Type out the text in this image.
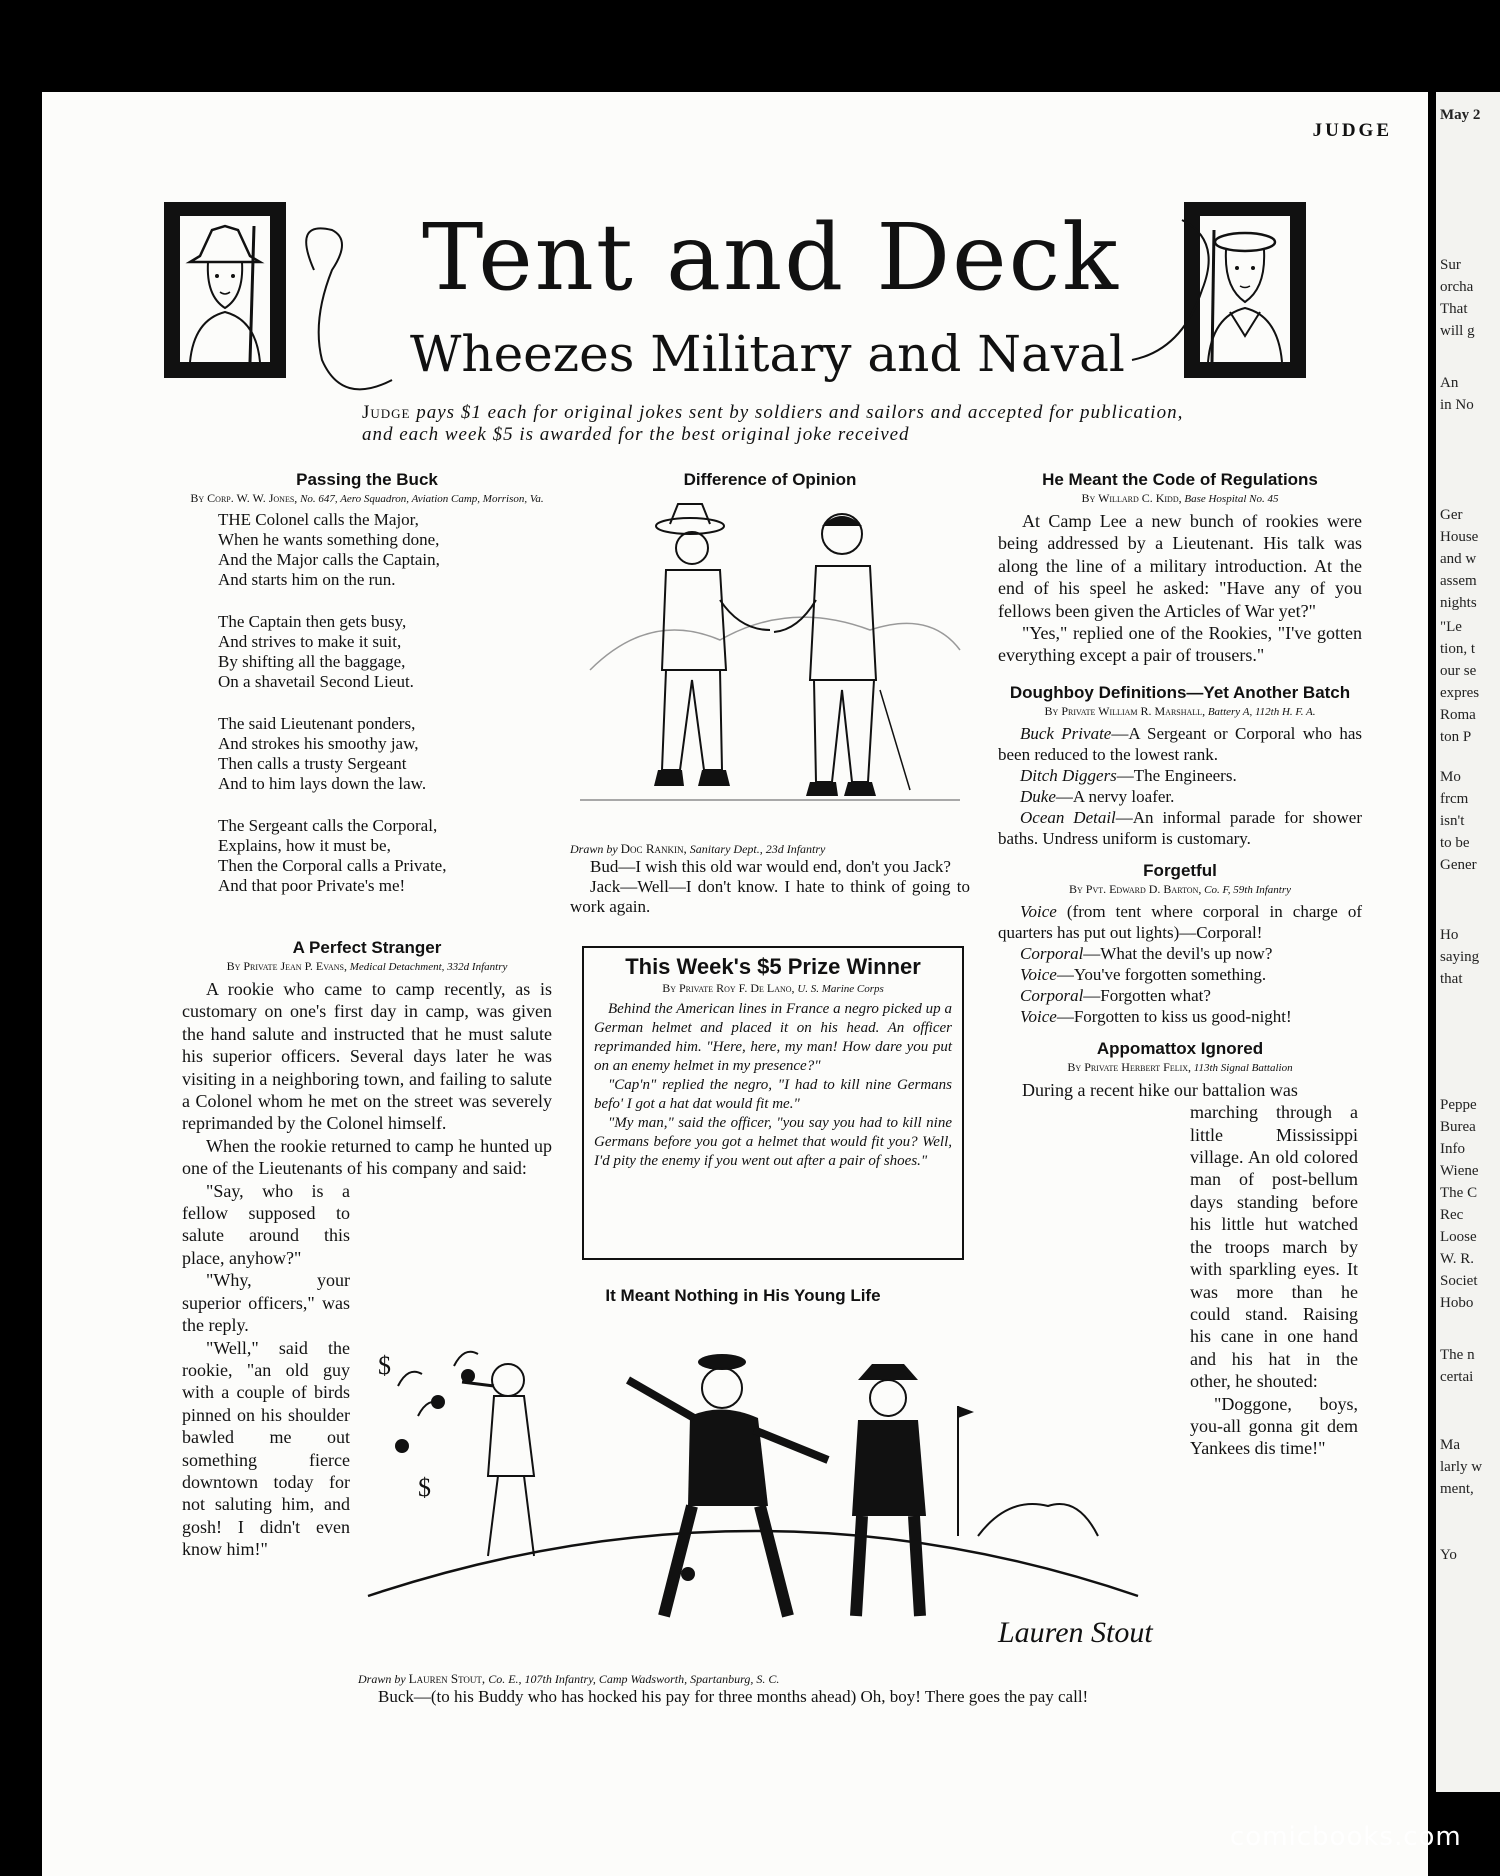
JUDGE
Tent and Deck
Wheezes Military and Naval
Judge pays $1 each for original jokes sent by soldiers and sailors and accepted for publication, and each week $5 is awarded for the best original joke received
Passing the Buck
By Corp. W. W. Jones, No. 647, Aero Squadron, Aviation Camp, Morrison, Va.

THE Colonel calls the Major,
When he wants something done,
And the Major calls the Captain,
And starts him on the run.

The Captain then gets busy,
And strives to make it suit,
By shifting all the baggage,
On a shavetail Second Lieut.

The said Lieutenant ponders,
And strokes his smoothy jaw,
Then calls a trusty Sergeant
And to him lays down the law.

The Sergeant calls the Corporal,
Explains, how it must be,
Then the Corporal calls a Private,
And that poor Private's me!

A Perfect Stranger
By Private Jean P. Evans, Medical Detachment, 332d Infantry

A rookie who came to camp recently, as is customary on one's first day in camp, was given the hand salute and instructed that he must salute his superior officers. Several days later he was visiting in a neighboring town, and failing to salute a Colonel whom he met on the street was severely reprimanded by the Colonel himself.

When the rookie returned to camp he hunted up one of the Lieutenants of his company and said:

"Say, who is a fellow supposed to salute around this place, anyhow?"

"Why, your superior officers," was the reply.

"Well," said the rookie, "an old guy with a couple of birds pinned on his shoulder bawled me out something fierce downtown today for not saluting him, and gosh! I didn't even know him!"

Difference of Opinion
Drawn by Doc Rankin, Sanitary Dept., 23d Infantry

Bud—I wish this old war would end, don't you Jack?

Jack—Well—I don't know. I hate to think of going to work again.

This Week's $5 Prize Winner
By Private Roy F. De Lano, U. S. Marine Corps

Behind the American lines in France a negro picked up a German helmet and placed it on his head. An officer reprimanded him. "Here, here, my man! How dare you put on an enemy helmet in my presence?"

"Cap'n" replied the negro, "I had to kill nine Germans befo' I got a hat dat would fit me."

"My man," said the officer, "you say you had to kill nine Germans before you got a helmet that would fit you? Well, I'd pity the enemy if you went out after a pair of shoes."

It Meant Nothing in His Young Life
$
$
Lauren Stout
Drawn by Lauren Stout, Co. E., 107th Infantry, Camp Wadsworth, Spartanburg, S. C.

Buck—(to his Buddy who has hocked his pay for three months ahead) Oh, boy! There goes the pay call!

He Meant the Code of Regulations
By Willard C. Kidd, Base Hospital No. 45

At Camp Lee a new bunch of rookies were being addressed by a Lieutenant. His talk was along the line of a military introduction. At the end of his speel he asked: "Have any of you fellows been given the Articles of War yet?"

"Yes," replied one of the Rookies, "I've gotten everything except a pair of trousers."

Doughboy Definitions—Yet Another Batch
By Private William R. Marshall, Battery A, 112th H. F. A.

Buck Private—A Sergeant or Corporal who has been reduced to the lowest rank.

Ditch Diggers—The Engineers.

Duke—A nervy loafer.

Ocean Detail—An informal parade for shower baths. Undress uniform is customary.

Forgetful
By Pvt. Edward D. Barton, Co. F, 59th Infantry

Voice (from tent where corporal in charge of quarters has put out lights)—Corporal!

Corporal—What the devil's up now?

Voice—You've forgotten something.

Corporal—Forgotten what?

Voice—Forgotten to kiss us good-night!

Appomattox Ignored
By Private Herbert Felix, 113th Signal Battalion

During a recent hike our battalion was

marching through a little Mississippi village. An old colored man of post-bellum days standing before his little hut watched the troops march by with sparkling eyes. It was more than he could stand. Raising his cane in one hand and his hat in the other, he shouted:

"Doggone, boys, you-all gonna git dem Yankees dis time!"

May 2
Sur
orcha
That
will g
An
in No
Ger
House
and w
assem
nights
"Le
tion, t
our se
expres
Roma
ton P
Mo
frcm
isn't
to be
Gener
Ho
saying
that
Peppe
Burea
Info
Wiene
The C
Rec
Loose
W. R.
Societ
Hobo
The n
certai
Ma
larly w
ment,
Yo
comicbooks.com
